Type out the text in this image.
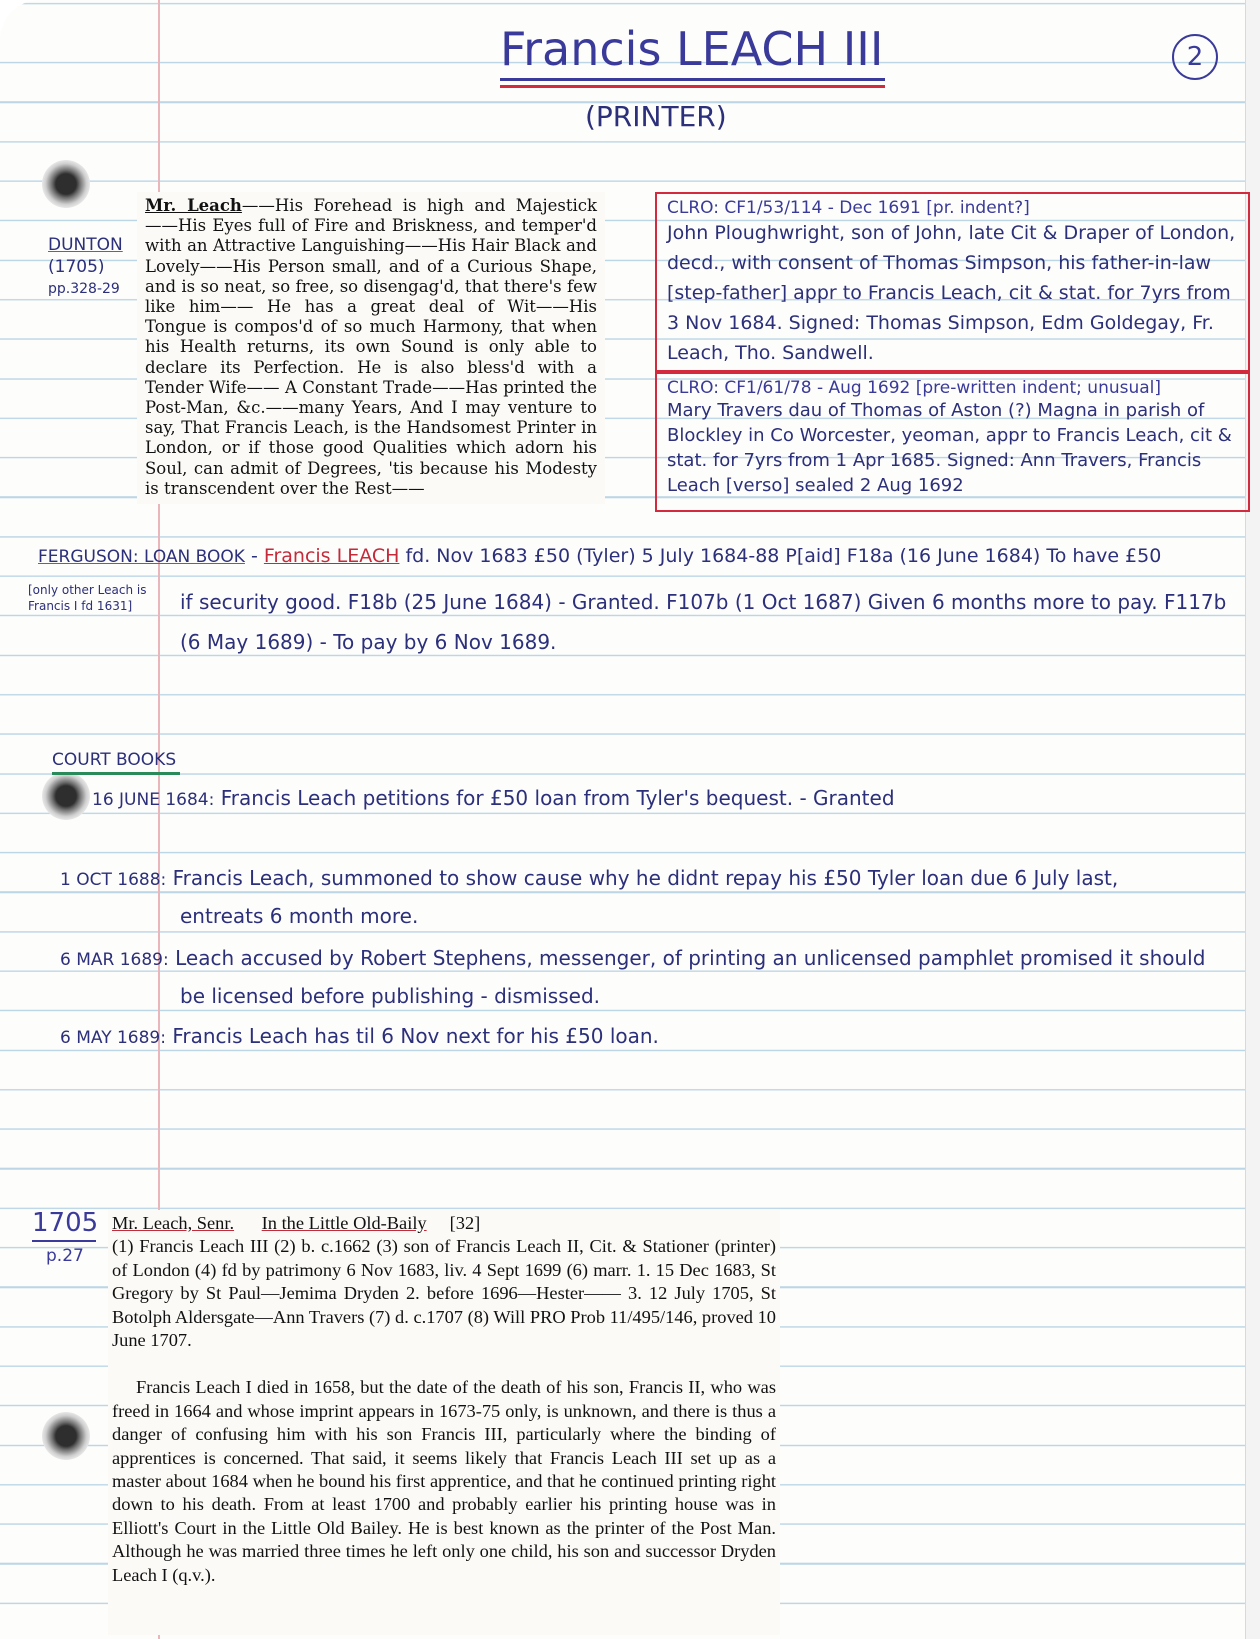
Francis LEACH III
(PRINTER)
2
DUNTON
(1705)
pp.328-29
Mr. Leach——His Forehead is high and Majestick——His Eyes full of Fire and Briskness, and temper'd with an Attractive Languishing——His Hair Black and Lovely——His Person small, and of a Curious Shape, and is so neat, so free, so disengag'd, that there's few like him—— He has a great deal of Wit——His Tongue is compos'd of so much Harmony, that when his Health returns, its own Sound is only able to declare its Perfection. He is also bless'd with a Tender Wife—— A Constant Trade——Has printed the Post-Man, &c.——many Years, And I may venture to say, That Francis Leach, is the Handsomest Printer in London, or if those good Qualities which adorn his Soul, can admit of Degrees, 'tis because his Modesty is transcendent over the Rest——
CLRO: CF1/53/114 - Dec 1691 [pr. indent?]
John Ploughwright, son of John, late Cit & Draper of London, decd., with consent of Thomas Simpson, his father-in-law [step-father] appr to Francis Leach, cit & stat. for 7yrs from 3 Nov 1684. Signed: Thomas Simpson, Edm Goldegay, Fr. Leach, Tho. Sandwell.
CLRO: CF1/61/78 - Aug 1692 [pre-written indent; unusual]
Mary Travers dau of Thomas of Aston (?) Magna in parish of Blockley in Co Worcester, yeoman, appr to Francis Leach, cit & stat. for 7yrs from 1 Apr 1685. Signed: Ann Travers, Francis Leach [verso] sealed 2 Aug 1692
FERGUSON: LOAN BOOK - Francis LEACH fd. Nov 1683 £50 (Tyler) 5 July 1684-88 P[aid] F18a (16 June 1684) To have £50
[only other Leach is Francis I fd 1631]	if security good. F18b (25 June 1684) - Granted. F107b (1 Oct 1687) Given 6 months more to pay. F117b (6 May 1689) - To pay by 6 Nov 1689.
COURT BOOKS
16 JUNE 1684: Francis Leach petitions for £50 loan from Tyler's bequest. - Granted
1 OCT 1688: Francis Leach, summoned to show cause why he didnt repay his £50 Tyler loan due 6 July last,
entreats 6 month more.
6 MAR 1689: Leach accused by Robert Stephens, messenger, of printing an unlicensed pamphlet promised it should
be licensed before publishing - dismissed.
6 MAY 1689: Francis Leach has til 6 Nov next for his £50 loan.
1705
p.27
Mr. Leach, Senr. In the Little Old-Baily [32]

(1) Francis Leach III (2) b. c.1662 (3) son of Francis Leach II, Cit. & Stationer (printer) of London (4) fd by patrimony 6 Nov 1683, liv. 4 Sept 1699 (6) marr. 1. 15 Dec 1683, St Gregory by St Paul—Jemima Dryden 2. before 1696—Hester—— 3. 12 July 1705, St Botolph Aldersgate—Ann Travers (7) d. c.1707 (8) Will PRO Prob 11/495/146, proved 10 June 1707.

Francis Leach I died in 1658, but the date of the death of his son, Francis II, who was freed in 1664 and whose imprint appears in 1673-75 only, is unknown, and there is thus a danger of confusing him with his son Francis III, particularly where the binding of apprentices is concerned. That said, it seems likely that Francis Leach III set up as a master about 1684 when he bound his first apprentice, and that he continued printing right down to his death. From at least 1700 and probably earlier his printing house was in Elliott's Court in the Little Old Bailey. He is best known as the printer of the Post Man. Although he was married three times he left only one child, his son and successor Dryden Leach I (q.v.).
